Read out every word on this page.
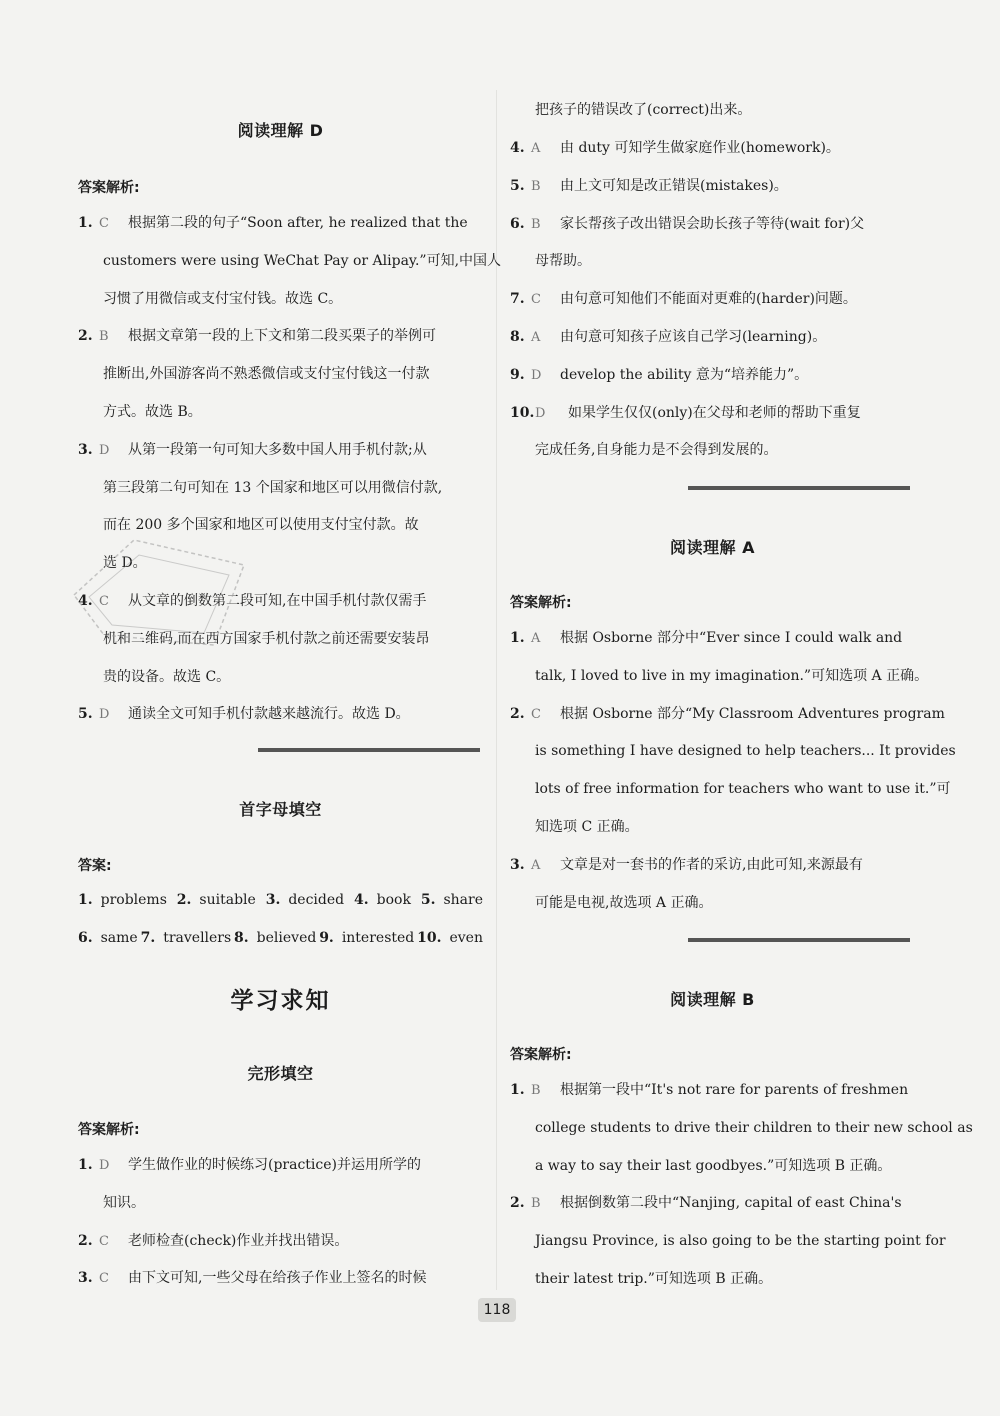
阅读理解 D
答案解析:
1. C 根据第二段的句子“Soon after, he realized that the
customers were using WeChat Pay or Alipay.”可知,中国人
习惯了用微信或支付宝付钱。故选 C。
2. B 根据文章第一段的上下文和第二段买栗子的举例可
推断出,外国游客尚不熟悉微信或支付宝付钱这一付款
方式。故选 B。
3. D 从第一段第一句可知大多数中国人用手机付款;从
第三段第二句可知在 13 个国家和地区可以用微信付款,
而在 200 多个国家和地区可以使用支付宝付款。故
选 D。
4. C 从文章的倒数第二段可知,在中国手机付款仅需手
机和二维码,而在西方国家手机付款之前还需要安装昂
贵的设备。故选 C。
5. D 通读全文可知手机付款越来越流行。故选 D。
首字母填空
答案:
1. problems 2. suitable 3. decided 4. book 5. share
6. same 7. travellers 8. believed 9. interested 10. even
学习求知
完形填空
答案解析:
1. D 学生做作业的时候练习(practice)并运用所学的
知识。
2. C 老师检查(check)作业并找出错误。
3. C 由下文可知,一些父母在给孩子作业上签名的时候
把孩子的错误改了(correct)出来。
4. A 由 duty 可知学生做家庭作业(homework)。
5. B 由上文可知是改正错误(mistakes)。
6. B 家长帮孩子改出错误会助长孩子等待(wait for)父
母帮助。
7. C 由句意可知他们不能面对更难的(harder)问题。
8. A 由句意可知孩子应该自己学习(learning)。
9. D develop the ability 意为“培养能力”。
10. D 如果学生仅仅(only)在父母和老师的帮助下重复
完成任务,自身能力是不会得到发展的。
阅读理解 A
答案解析:
1. A 根据 Osborne 部分中“Ever since I could walk and
talk, I loved to live in my imagination.”可知选项 A 正确。
2. C 根据 Osborne 部分“My Classroom Adventures program
is something I have designed to help teachers... It provides
lots of free information for teachers who want to use it.”可
知选项 C 正确。
3. A 文章是对一套书的作者的采访,由此可知,来源最有
可能是电视,故选项 A 正确。
阅读理解 B
答案解析:
1. B 根据第一段中“It's not rare for parents of freshmen
college students to drive their children to their new school as
a way to say their last goodbyes.”可知选项 B 正确。
2. B 根据倒数第二段中“Nanjing, capital of east China's
Jiangsu Province, is also going to be the starting point for
their latest trip.”可知选项 B 正确。
118
